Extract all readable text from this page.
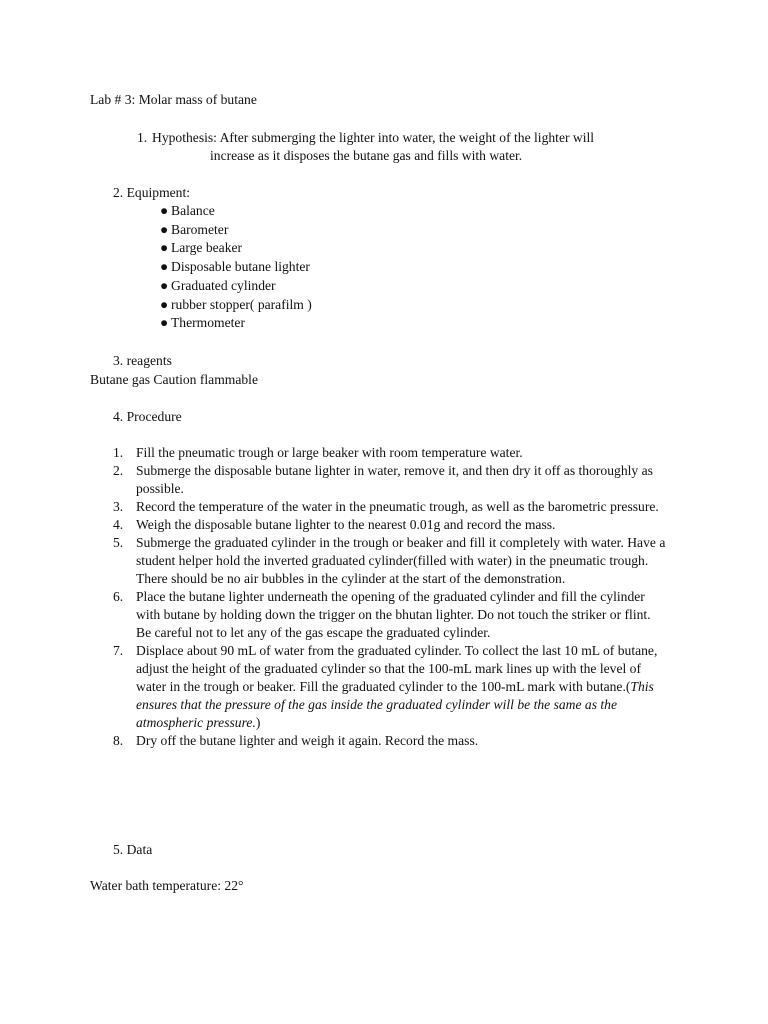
Lab # 3: Molar mass of butane
1. Hypothesis: After submerging the lighter into water, the weight of the lighter will
increase as it disposes the butane gas and fills with water.
2. Equipment:
● Balance
● Barometer
● Large beaker
● Disposable butane lighter
● Graduated cylinder
● rubber stopper( parafilm )
● Thermometer
3. reagents
Butane gas Caution flammable
4. Procedure
1. Fill the pneumatic trough or large beaker with room temperature water.
2. Submerge the disposable butane lighter in water, remove it, and then dry it off as thoroughly as
possible.
3. Record the temperature of the water in the pneumatic trough, as well as the barometric pressure.
4. Weigh the disposable butane lighter to the nearest 0.01g and record the mass.
5. Submerge the graduated cylinder in the trough or beaker and fill it completely with water. Have a
student helper hold the inverted graduated cylinder(filled with water) in the pneumatic trough.
There should be no air bubbles in the cylinder at the start of the demonstration.
6. Place the butane lighter underneath the opening of the graduated cylinder and fill the cylinder
with butane by holding down the trigger on the bhutan lighter. Do not touch the striker or flint.
Be careful not to let any of the gas escape the graduated cylinder.
7. Displace about 90 mL of water from the graduated cylinder. To collect the last 10 mL of butane,
adjust the height of the graduated cylinder so that the 100-mL mark lines up with the level of
water in the trough or beaker. Fill the graduated cylinder to the 100-mL mark with butane.(This
ensures that the pressure of the gas inside the graduated cylinder will be the same as the
atmospheric pressure.)
8. Dry off the butane lighter and weigh it again. Record the mass.
5. Data
Water bath temperature: 22°
